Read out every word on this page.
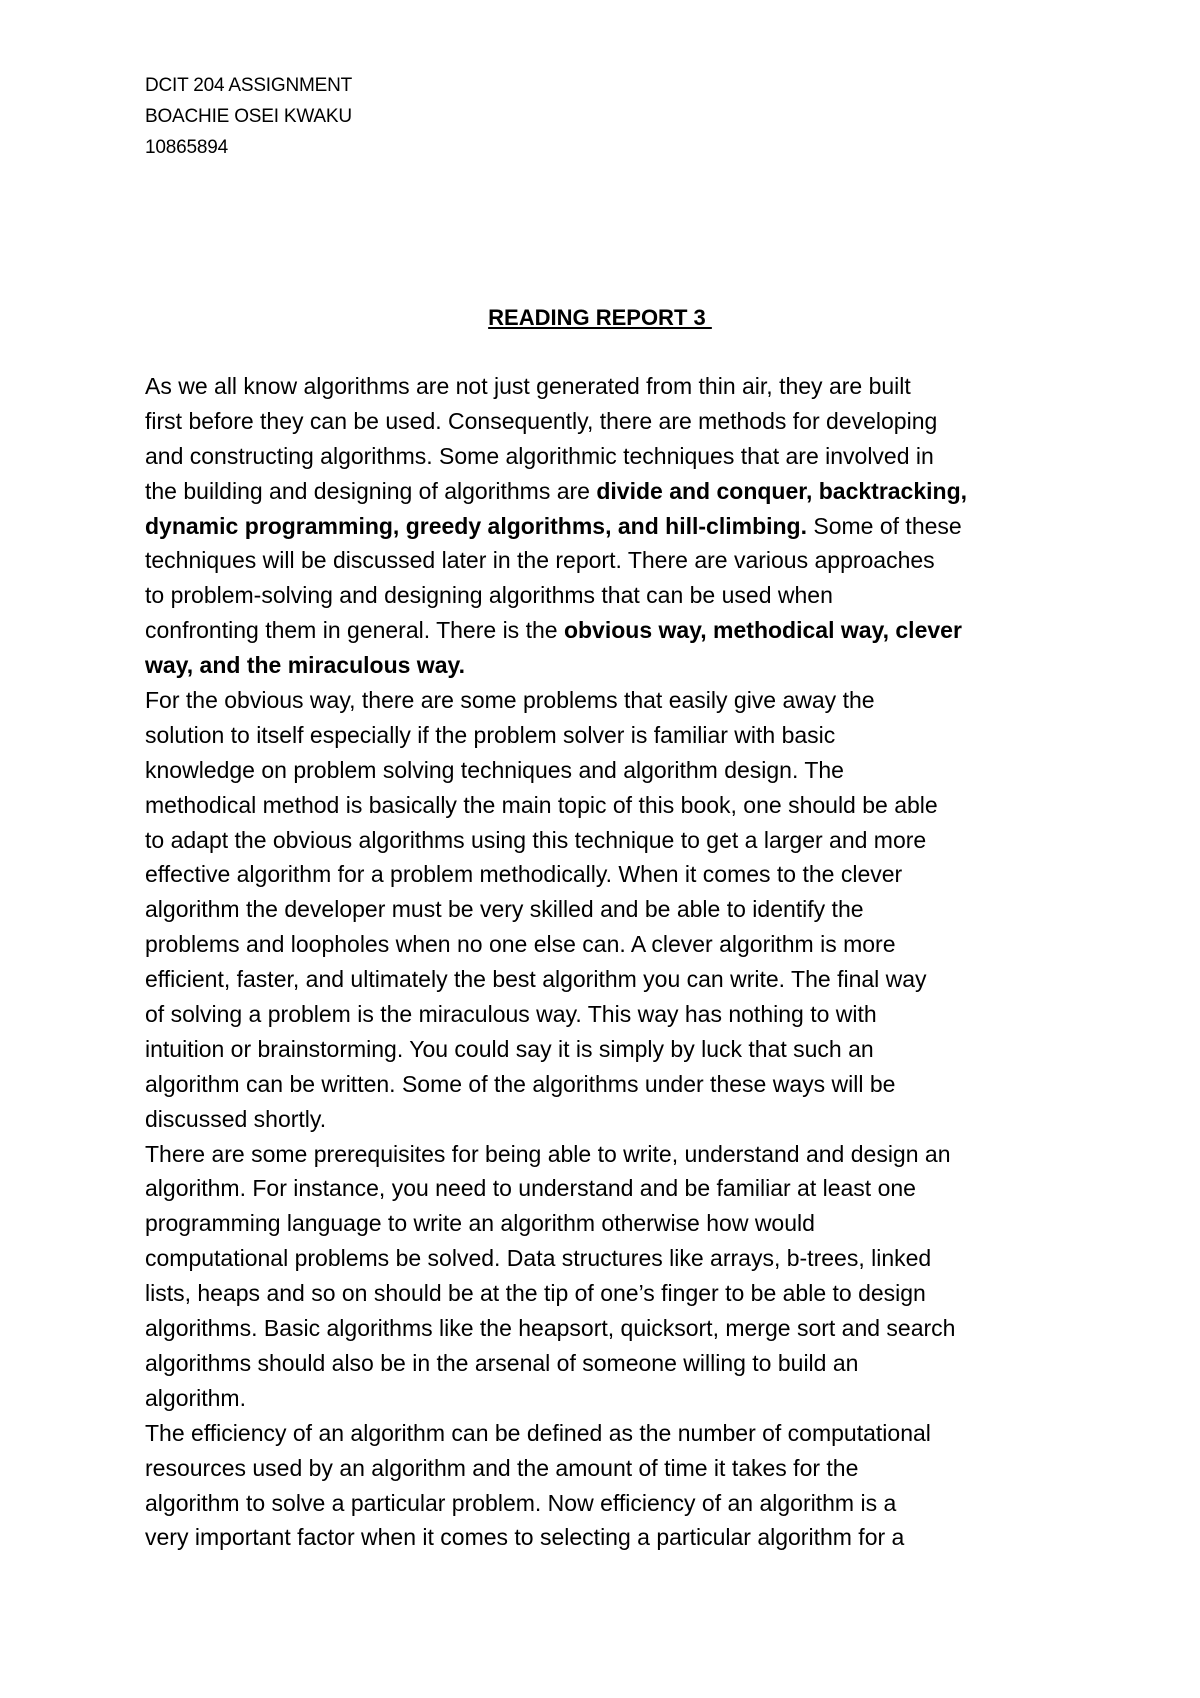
DCIT 204 ASSIGNMENT
BOACHIE OSEI KWAKU
10865894
READING REPORT 3
As we all know algorithms are not just generated from thin air, they are built
first before they can be used. Consequently, there are methods for developing
and constructing algorithms. Some algorithmic techniques that are involved in
the building and designing of algorithms are divide and conquer, backtracking,
dynamic programming, greedy algorithms, and hill-climbing. Some of these
techniques will be discussed later in the report. There are various approaches
to problem-solving and designing algorithms that can be used when
confronting them in general. There is the obvious way, methodical way, clever
way, and the miraculous way.
For the obvious way, there are some problems that easily give away the
solution to itself especially if the problem solver is familiar with basic
knowledge on problem solving techniques and algorithm design. The
methodical method is basically the main topic of this book, one should be able
to adapt the obvious algorithms using this technique to get a larger and more
effective algorithm for a problem methodically. When it comes to the clever
algorithm the developer must be very skilled and be able to identify the
problems and loopholes when no one else can. A clever algorithm is more
efficient, faster, and ultimately the best algorithm you can write. The final way
of solving a problem is the miraculous way. This way has nothing to with
intuition or brainstorming. You could say it is simply by luck that such an
algorithm can be written. Some of the algorithms under these ways will be
discussed shortly.
There are some prerequisites for being able to write, understand and design an
algorithm. For instance, you need to understand and be familiar at least one
programming language to write an algorithm otherwise how would
computational problems be solved. Data structures like arrays, b-trees, linked
lists, heaps and so on should be at the tip of one’s finger to be able to design
algorithms. Basic algorithms like the heapsort, quicksort, merge sort and search
algorithms should also be in the arsenal of someone willing to build an
algorithm.
The efficiency of an algorithm can be defined as the number of computational
resources used by an algorithm and the amount of time it takes for the
algorithm to solve a particular problem. Now efficiency of an algorithm is a
very important factor when it comes to selecting a particular algorithm for a
